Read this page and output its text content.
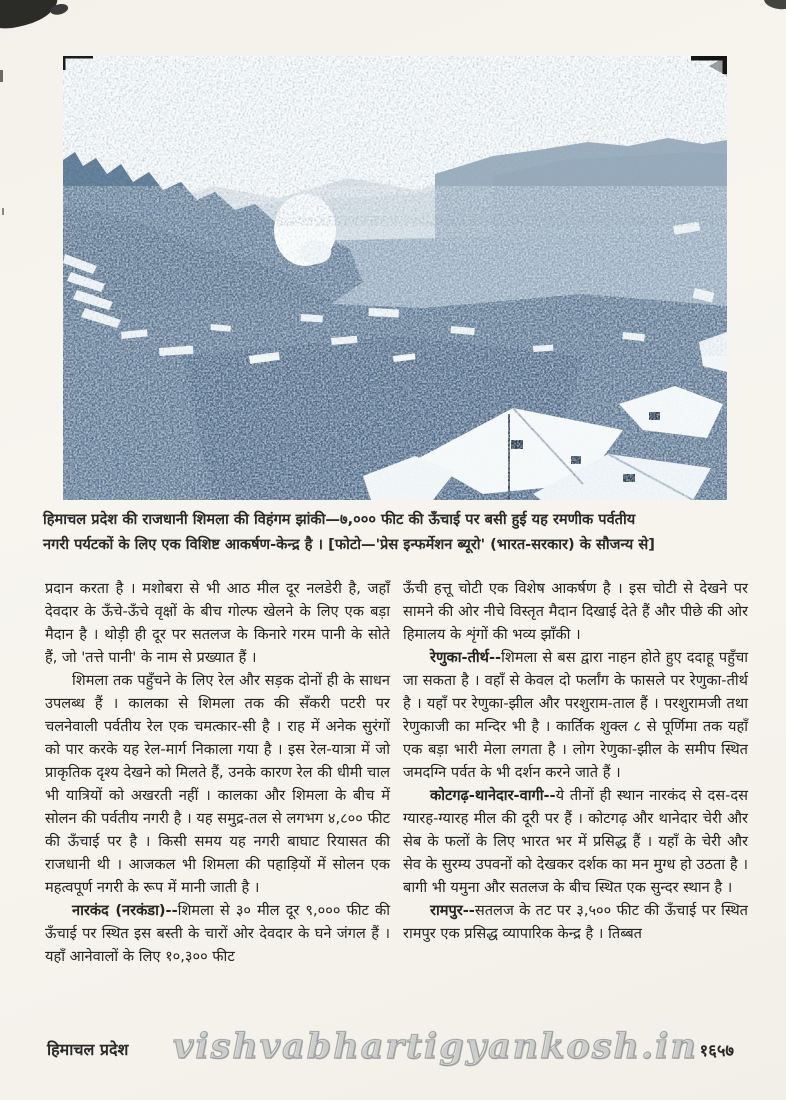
हिमाचल प्रदेश की राजधानी शिमला की विहंगम झांकी—७,००० फीट की ऊँचाई पर बसी हुई यह रमणीक पर्वतीय
नगरी पर्यटकों के लिए एक विशिष्ट आकर्षण-केन्द्र है । [फोटो—'प्रेस इन्फर्मेशन ब्यूरो' (भारत-सरकार) के सौजन्य से]

प्रदान करता है । मशोबरा से भी आठ मील दूर नलडेरी है, जहाँ देवदार के ऊँचे-ऊँचे वृक्षों के बीच गोल्फ खेलने के लिए एक बड़ा मैदान है । थोड़ी ही दूर पर सतलज के किनारे गरम पानी के सोते हैं, जो 'तत्ते पानी' के नाम से प्रख्यात हैं ।

शिमला तक पहुँचने के लिए रेल और सड़क दोनों ही के साधन उपलब्ध हैं । कालका से शिमला तक की सँकरी पटरी पर चलनेवाली पर्वतीय रेल एक चमत्कार-सी है । राह में अनेक सुरंगों को पार करके यह रेल-मार्ग निकाला गया है । इस रेल-यात्रा में जो प्राकृतिक दृश्य देखने को मिलते हैं, उनके कारण रेल की धीमी चाल भी यात्रियों को अखरती नहीं । कालका और शिमला के बीच में सोलन की पर्वतीय नगरी है । यह समुद्र-तल से लगभग ४,८०० फीट की ऊँचाई पर है । किसी समय यह नगरी बाघाट रियासत की राजधानी थी । आजकल भी शिमला की पहाड़ियों में सोलन एक महत्वपूर्ण नगरी के रूप में मानी जाती है ।

नारकंद (नरकंडा)--शिमला से ३० मील दूर ९,००० फीट की ऊँचाई पर स्थित इस बस्ती के चारों ओर देवदार के घने जंगल हैं । यहाँ आनेवालों के लिए १०,३०० फीट

ऊँची हत्तू चोटी एक विशेष आकर्षण है । इस चोटी से देखने पर सामने की ओर नीचे विस्तृत मैदान दिखाई देते हैं और पीछे की ओर हिमालय के शृंगों की भव्य झाँकी ।

रेणुका-तीर्थ--शिमला से बस द्वारा नाहन होते हुए ददाहू पहुँचा जा सकता है । वहाँ से केवल दो फर्लांग के फासले पर रेणुका-तीर्थ है । यहाँ पर रेणुका-झील और परशुराम-ताल हैं । परशुरामजी तथा रेणुकाजी का मन्दिर भी है । कार्तिक शुक्ल ८ से पूर्णिमा तक यहाँ एक बड़ा भारी मेला लगता है । लोग रेणुका-झील के समीप स्थित जमदग्नि पर्वत के भी दर्शन करने जाते हैं ।

कोटगढ़-थानेदार-वागी--ये तीनों ही स्थान नारकंद से दस-दस ग्यारह-ग्यारह मील की दूरी पर हैं । कोटगढ़ और थानेदार चेरी और सेब के फलों के लिए भारत भर में प्रसिद्ध हैं । यहाँ के चेरी और सेव के सुरम्य उपवनों को देखकर दर्शक का मन मुग्ध हो उठता है । बागी भी यमुना और सतलज के बीच स्थित एक सुन्दर स्थान है ।

रामपुर--सतलज के तट पर ३,५०० फीट की ऊँचाई पर स्थित रामपुर एक प्रसिद्ध व्यापारिक केन्द्र है । तिब्बत

हिमाचल प्रदेश vishvabhartigyankosh.in १६५७
